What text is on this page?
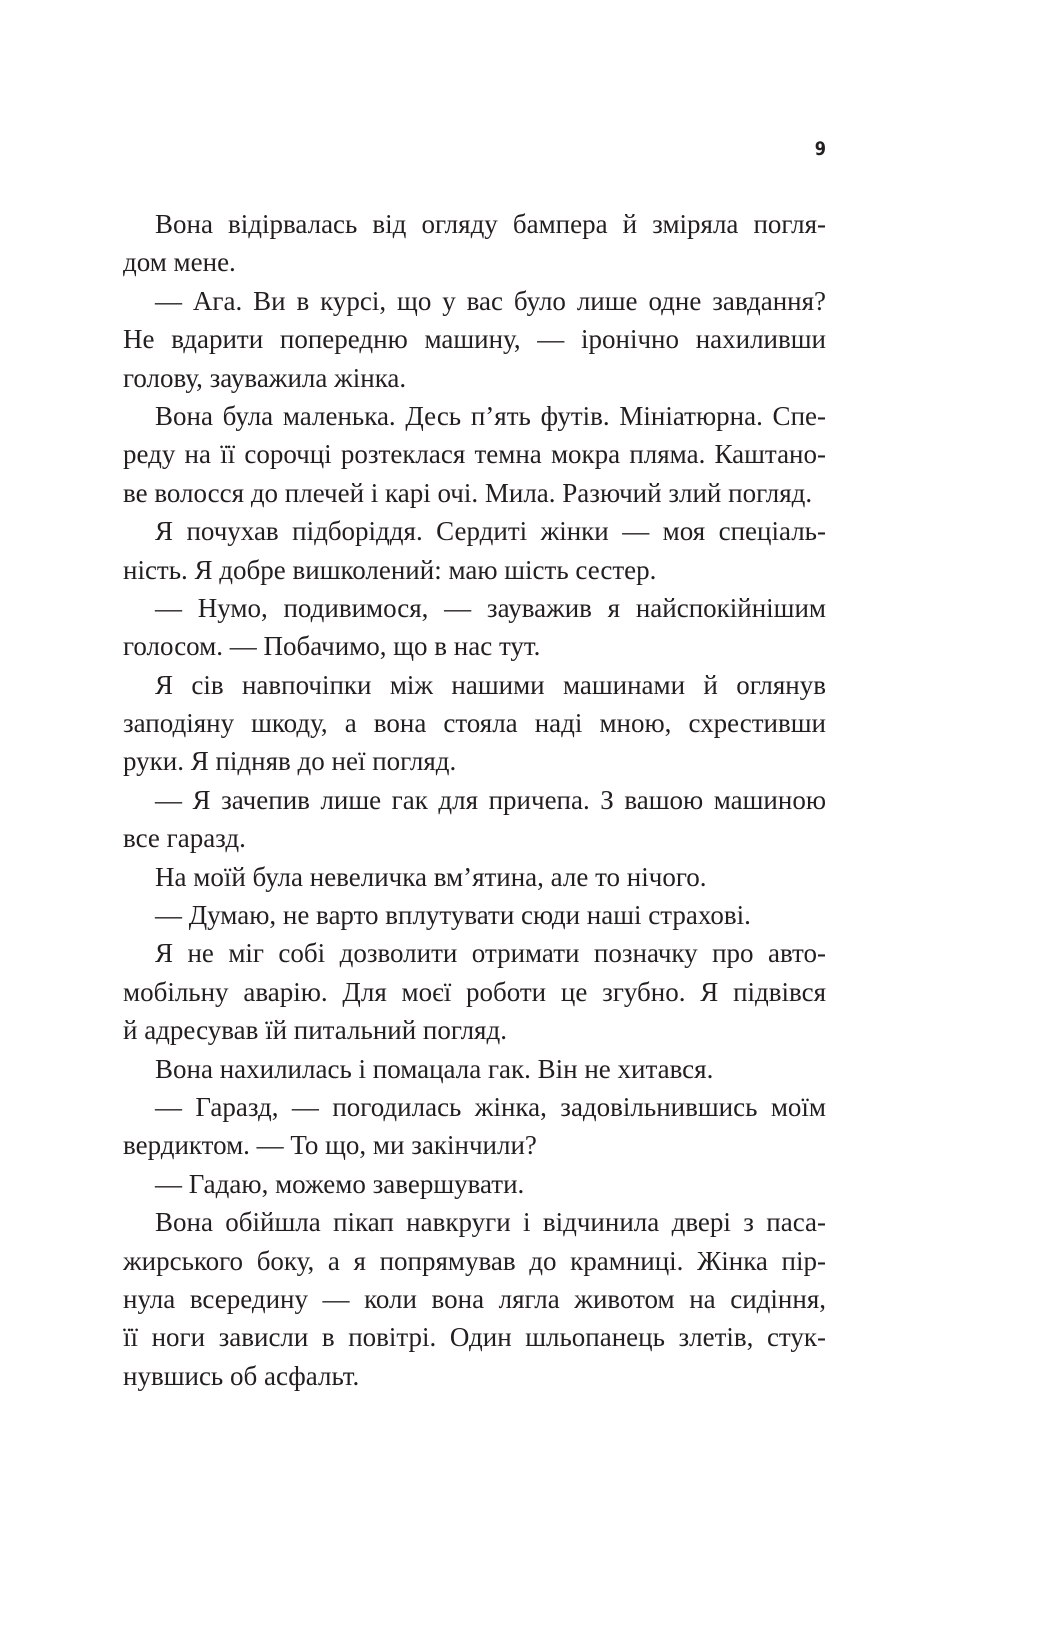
9
Вона відірвалась від огляду бампера й зміряла погля-
дом мене.
— Ага. Ви в курсі, що у вас було лише одне завдання?
Не вдарити попередню машину, — іронічно нахиливши
голову, зауважила жінка.
Вона була маленька. Десь п’ять футів. Мініатюрна. Спе-
реду на її сорочці розтеклася темна мокра пляма. Каштано-
ве волосся до плечей і карі очі. Мила. Разючий злий погляд.
Я почухав підборіддя. Сердиті жінки — моя спеціаль-
ність. Я добре вишколений: маю шість сестер.
— Нумо, подивимося, — зауважив я найспокійнішим
голосом. — Побачимо, що в нас тут.
Я сів навпочіпки між нашими машинами й оглянув
заподіяну шкоду, а вона стояла наді мною, схрестивши
руки. Я підняв до неї погляд.
— Я зачепив лише гак для причепа. З вашою машиною
все гаразд.
На моїй була невеличка вм’ятина, але то нічого.
— Думаю, не варто вплутувати сюди наші страхові.
Я не міг собі дозволити отримати позначку про авто-
мобільну аварію. Для моєї роботи це згубно. Я підвівся
й адресував їй питальний погляд.
Вона нахилилась і помацала гак. Він не хитався.
— Гаразд, — погодилась жінка, задовільнившись моїм
вердиктом. — То що, ми закінчили?
— Гадаю, можемо завершувати.
Вона обійшла пікап навкруги і відчинила двері з паса-
жирського боку, а я попрямував до крамниці. Жінка пір-
нула всередину — коли вона лягла животом на сидіння,
її ноги зависли в повітрі. Один шльопанець злетів, стук-
нувшись об асфальт.
